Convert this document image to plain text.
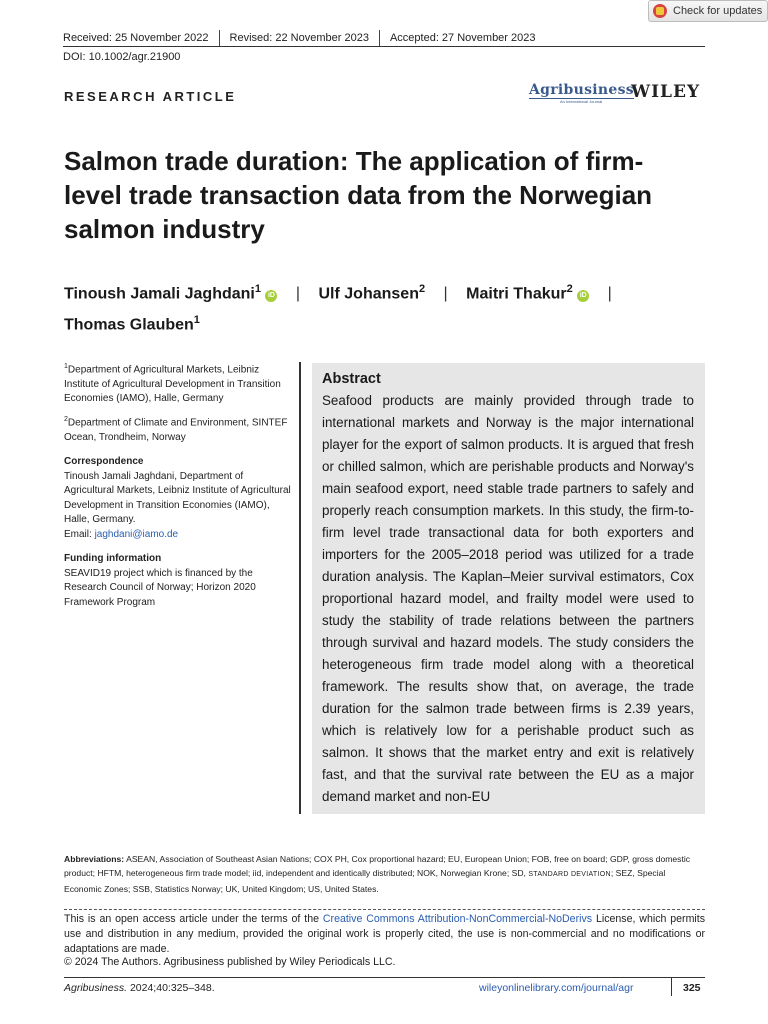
Check for updates
Received: 25 November 2022 Revised: 22 November 2023 Accepted: 27 November 2023
DOI: 10.1002/agr.21900
RESEARCH ARTICLE	Agribusiness
An International Journal WILEY
Salmon trade duration: The application of firm-level trade transaction data from the Norwegian salmon industry
Tinoush Jamali Jaghdani$^1$ iD | Ulf Johansen$^2$ | Maitri Thakur$^2$ iD |
Thomas Glauben$^1$

$^1$Department of Agricultural Markets, Leibniz Institute of Agricultural Development in Transition Economies (IAMO), Halle, Germany

$^2$Department of Climate and Environment, SINTEF Ocean, Trondheim, Norway

Correspondence

Tinoush Jamali Jaghdani, Department of Agricultural Markets, Leibniz Institute of Agricultural Development in Transition Economies (IAMO), Halle, Germany.
Email: jaghdani@iamo.de

Funding information

SEAVID19 project which is financed by the Research Council of Norway; Horizon 2020 Framework Program

Abstract
Seafood products are mainly provided through trade to international markets and Norway is the major international player for the export of salmon products. It is argued that fresh or chilled salmon, which are perishable products and Norway's main seafood export, need stable trade partners to safely and properly reach consumption markets. In this study, the firm-to-firm level trade transactional data for both exporters and importers for the 2005–2018 period was utilized for a trade duration analysis. The Kaplan–Meier survival estimators, Cox proportional hazard model, and frailty model were used to study the stability of trade relations between the partners through survival and hazard models. The study considers the heterogeneous firm trade model along with a theoretical framework. The results show that, on average, the trade duration for the salmon trade between firms is 2.39 years, which is relatively low for a perishable product such as salmon. It shows that the market entry and exit is relatively fast, and that the survival rate between the EU as a major demand market and non-EU
Abbreviations: ASEAN, Association of Southeast Asian Nations; COX PH, Cox proportional hazard; EU, European Union; FOB, free on board; GDP, gross domestic product; HFTM, heterogeneous firm trade model; iid, independent and identically distributed; NOK, Norwegian Krone; SD, STANDARD DEVIATION; SEZ, Special Economic Zones; SSB, Statistics Norway; UK, United Kingdom; US, United States.
This is an open access article under the terms of the Creative Commons Attribution-NonCommercial-NoDerivs License, which permits use and distribution in any medium, provided the original work is properly cited, the use is non-commercial and no modifications or adaptations are made.
© 2024 The Authors. Agribusiness published by Wiley Periodicals LLC.
Agribusiness. 2024;40:325–348.	wileyonlinelibrary.com/journal/agr	325
